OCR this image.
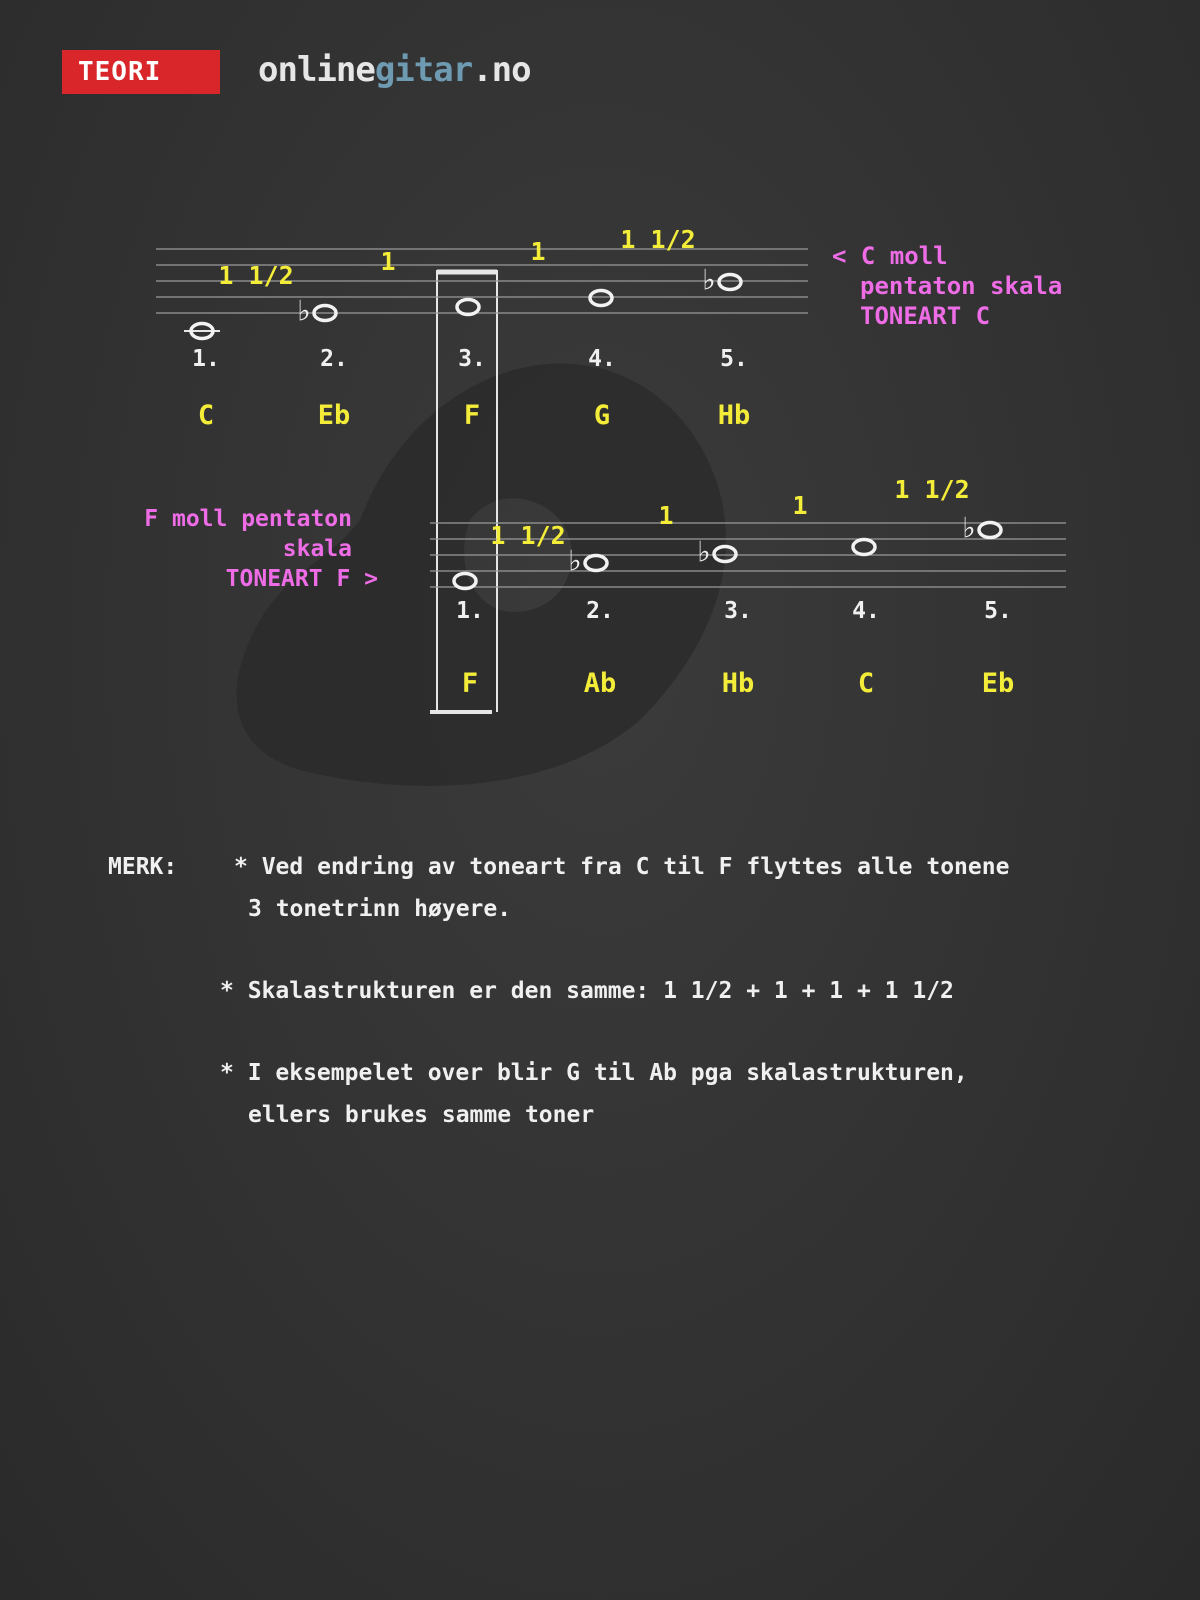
TEORI	onlinegitar.no
1.
C
♭
2.
Eb
3.
F
4.
G
♭
5.
Hb
1 1/2	1	1	1 1/2
1.
F
♭
2.
Ab
♭
3.
Hb
4.
C
♭
5.
Eb
1 1/2
1	1
1 1/2
< C moll
pentaton skala
TONEART C
F moll pentaton
skala
TONEART F >
MERK: * Ved endring av toneart fra C til F flyttes alle tonene
3 tonetrinn høyere.
* Skalastrukturen er den samme: 1 1/2 + 1 + 1 + 1 1/2
* I eksempelet over blir G til Ab pga skalastrukturen,
ellers brukes samme toner
